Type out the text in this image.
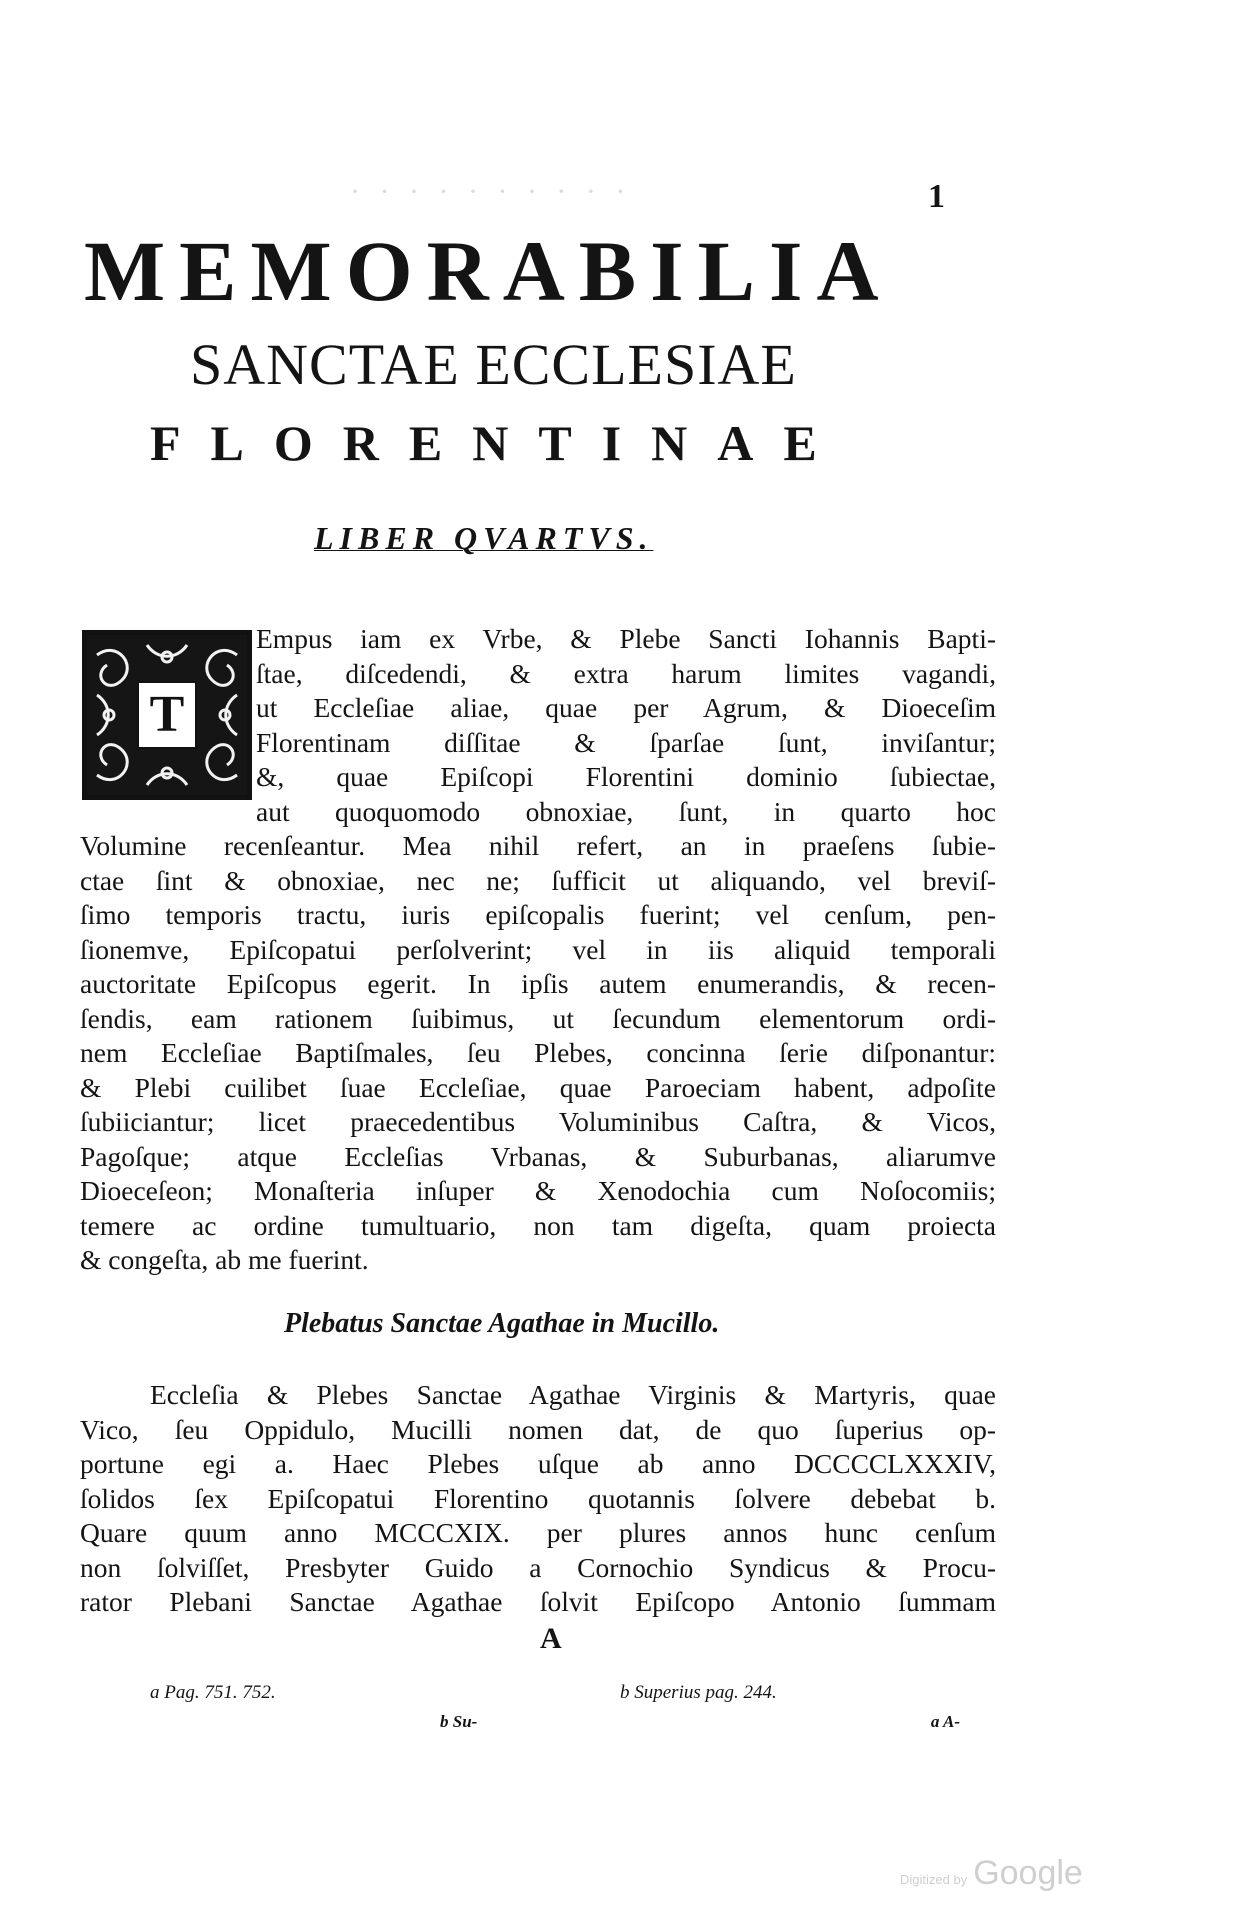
· · · · · · · · · ·	1
MEMORABILIA
SANCTAE ECCLESIAE
FLORENTINAE
LIBER QVARTVS.
T
Empus iam ex Vrbe, & Plebe Sancti Iohannis Bapti-
ſtae, diſcedendi, & extra harum limites vagandi,
ut Eccleſiae aliae, quae per Agrum, & Dioeceſim
Florentinam diſſitae & ſparſae ſunt, inviſantur;
&, quae Epiſcopi Florentini dominio ſubiectae,
aut quoquomodo obnoxiae, ſunt, in quarto hoc
Volumine recenſeantur. Mea nihil refert, an in praeſens ſubie-
ctae ſint & obnoxiae, nec ne; ſufficit ut aliquando, vel breviſ-
ſimo temporis tractu, iuris epiſcopalis fuerint; vel cenſum, pen-
ſionemve, Epiſcopatui perſolverint; vel in iis aliquid temporali
auctoritate Epiſcopus egerit. In ipſis autem enumerandis, & recen-
ſendis, eam rationem ſuibimus, ut ſecundum elementorum ordi-
nem Eccleſiae Baptiſmales, ſeu Plebes, concinna ſerie diſponantur:
& Plebi cuilibet ſuae Eccleſiae, quae Paroeciam habent, adpoſite
ſubiiciantur; licet praecedentibus Voluminibus Caſtra, & Vicos,
Pagoſque; atque Eccleſias Vrbanas, & Suburbanas, aliarumve
Dioeceſeon; Monaſteria inſuper & Xenodochia cum Noſocomiis;
temere ac ordine tumultuario, non tam digeſta, quam proiecta
& congeſta, ab me fuerint.
Plebatus Sanctae Agathae in Mucillo.
Eccleſia & Plebes Sanctae Agathae Virginis & Martyris, quae
Vico, ſeu Oppidulo, Mucilli nomen dat, de quo ſuperius op-
portune egi a. Haec Plebes uſque ab anno DCCCCLXXXIV,
ſolidos ſex Epiſcopatui Florentino quotannis ſolvere debebat b.
Quare quum anno MCCCXIX. per plures annos hunc cenſum
non ſolviſſet, Presbyter Guido a Cornochio Syndicus & Procu-
rator Plebani Sanctae Agathae ſolvit Epiſcopo Antonio ſummam
A
a Pag. 751. 752.	b Superius pag. 244.
b Su-	a A-
Digitized by Google
